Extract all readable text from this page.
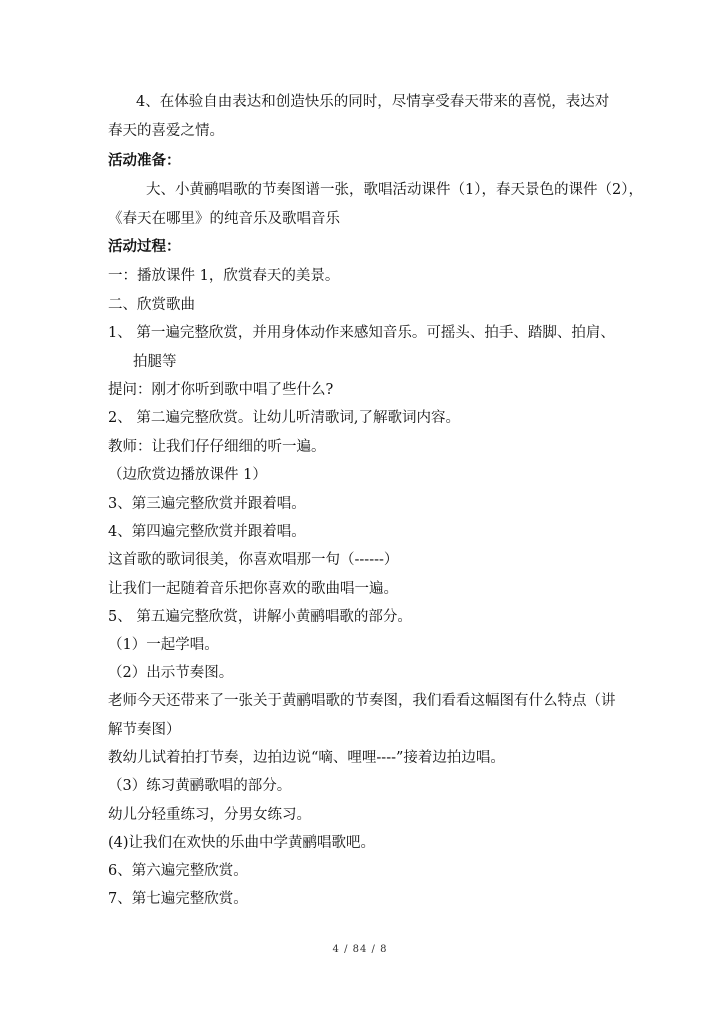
4、在体验自由表达和创造快乐的同时，尽情享受春天带来的喜悦，表达对
春天的喜爱之情。
活动准备：
大、小黄鹂唱歌的节奏图谱一张，歌唱活动课件（1），春天景色的课件（2），
《春天在哪里》的纯音乐及歌唱音乐
活动过程：
一：播放课件 1，欣赏春天的美景。
二、欣赏歌曲
1、 第一遍完整欣赏，并用身体动作来感知音乐。可摇头、拍手、踏脚、拍肩、
拍腿等
提问：刚才你听到歌中唱了些什么?
2、 第二遍完整欣赏。让幼儿听清歌词,了解歌词内容。
教师：让我们仔仔细细的听一遍。
（边欣赏边播放课件 1）
3、第三遍完整欣赏并跟着唱。
4、第四遍完整欣赏并跟着唱。
这首歌的歌词很美，你喜欢唱那一句（------）
让我们一起随着音乐把你喜欢的歌曲唱一遍。
5、 第五遍完整欣赏，讲解小黄鹂唱歌的部分。
（1）一起学唱。
（2）出示节奏图。
老师今天还带来了一张关于黄鹂唱歌的节奏图，我们看看这幅图有什么特点（讲
解节奏图）
教幼儿试着拍打节奏，边拍边说“嘀、哩哩----”接着边拍边唱。
（3）练习黄鹂歌唱的部分。
幼儿分轻重练习，分男女练习。
(4)让我们在欢快的乐曲中学黄鹂唱歌吧。
6、第六遍完整欣赏。
7、第七遍完整欣赏。
4 / 84 / 8
